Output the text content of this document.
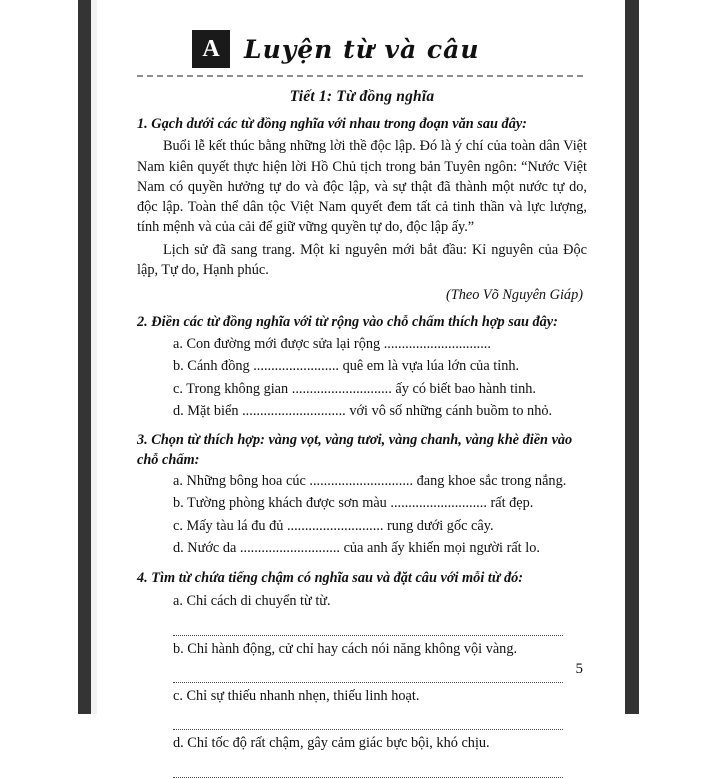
A Luyện từ và câu
Tiết 1: Từ đồng nghĩa
1. Gạch dưới các từ đồng nghĩa với nhau trong đoạn văn sau đây:
Buổi lễ kết thúc bằng những lời thề độc lập. Đó là ý chí của toàn dân Việt Nam kiên quyết thực hiện lời Hồ Chủ tịch trong bản Tuyên ngôn: “Nước Việt Nam có quyền hưởng tự do và độc lập, và sự thật đã thành một nước tự do, độc lập. Toàn thể dân tộc Việt Nam quyết đem tất cả tinh thần và lực lượng, tính mệnh và của cải để giữ vững quyền tự do, độc lập ấy.”
Lịch sử đã sang trang. Một kỉ nguyên mới bắt đầu: Kỉ nguyên của Độc lập, Tự do, Hạnh phúc.
(Theo Võ Nguyên Giáp)
2. Điền các từ đồng nghĩa với từ rộng vào chỗ chấm thích hợp sau đây:
a. Con đường mới được sửa lại rộng ..............................
b. Cánh đồng ........................ quê em là vựa lúa lớn của tỉnh.
c. Trong không gian ............................ ấy có biết bao hành tinh.
d. Mặt biển ............................. với vô số những cánh buồm to nhỏ.
3. Chọn từ thích hợp: vàng vọt, vàng tươi, vàng chanh, vàng khè điền vào chỗ chấm:
a. Những bông hoa cúc ............................. đang khoe sắc trong nắng.
b. Tường phòng khách được sơn màu ........................... rất đẹp.
c. Mấy tàu lá đu đủ ........................... rung dưới gốc cây.
d. Nước da ............................ của anh ấy khiến mọi người rất lo.
4. Tìm từ chứa tiếng chậm có nghĩa sau và đặt câu với mỗi từ đó:
a. Chỉ cách di chuyển từ từ.
b. Chỉ hành động, cử chỉ hay cách nói năng không vội vàng.
c. Chỉ sự thiếu nhanh nhẹn, thiếu linh hoạt.
d. Chỉ tốc độ rất chậm, gây cảm giác bực bội, khó chịu.
5
